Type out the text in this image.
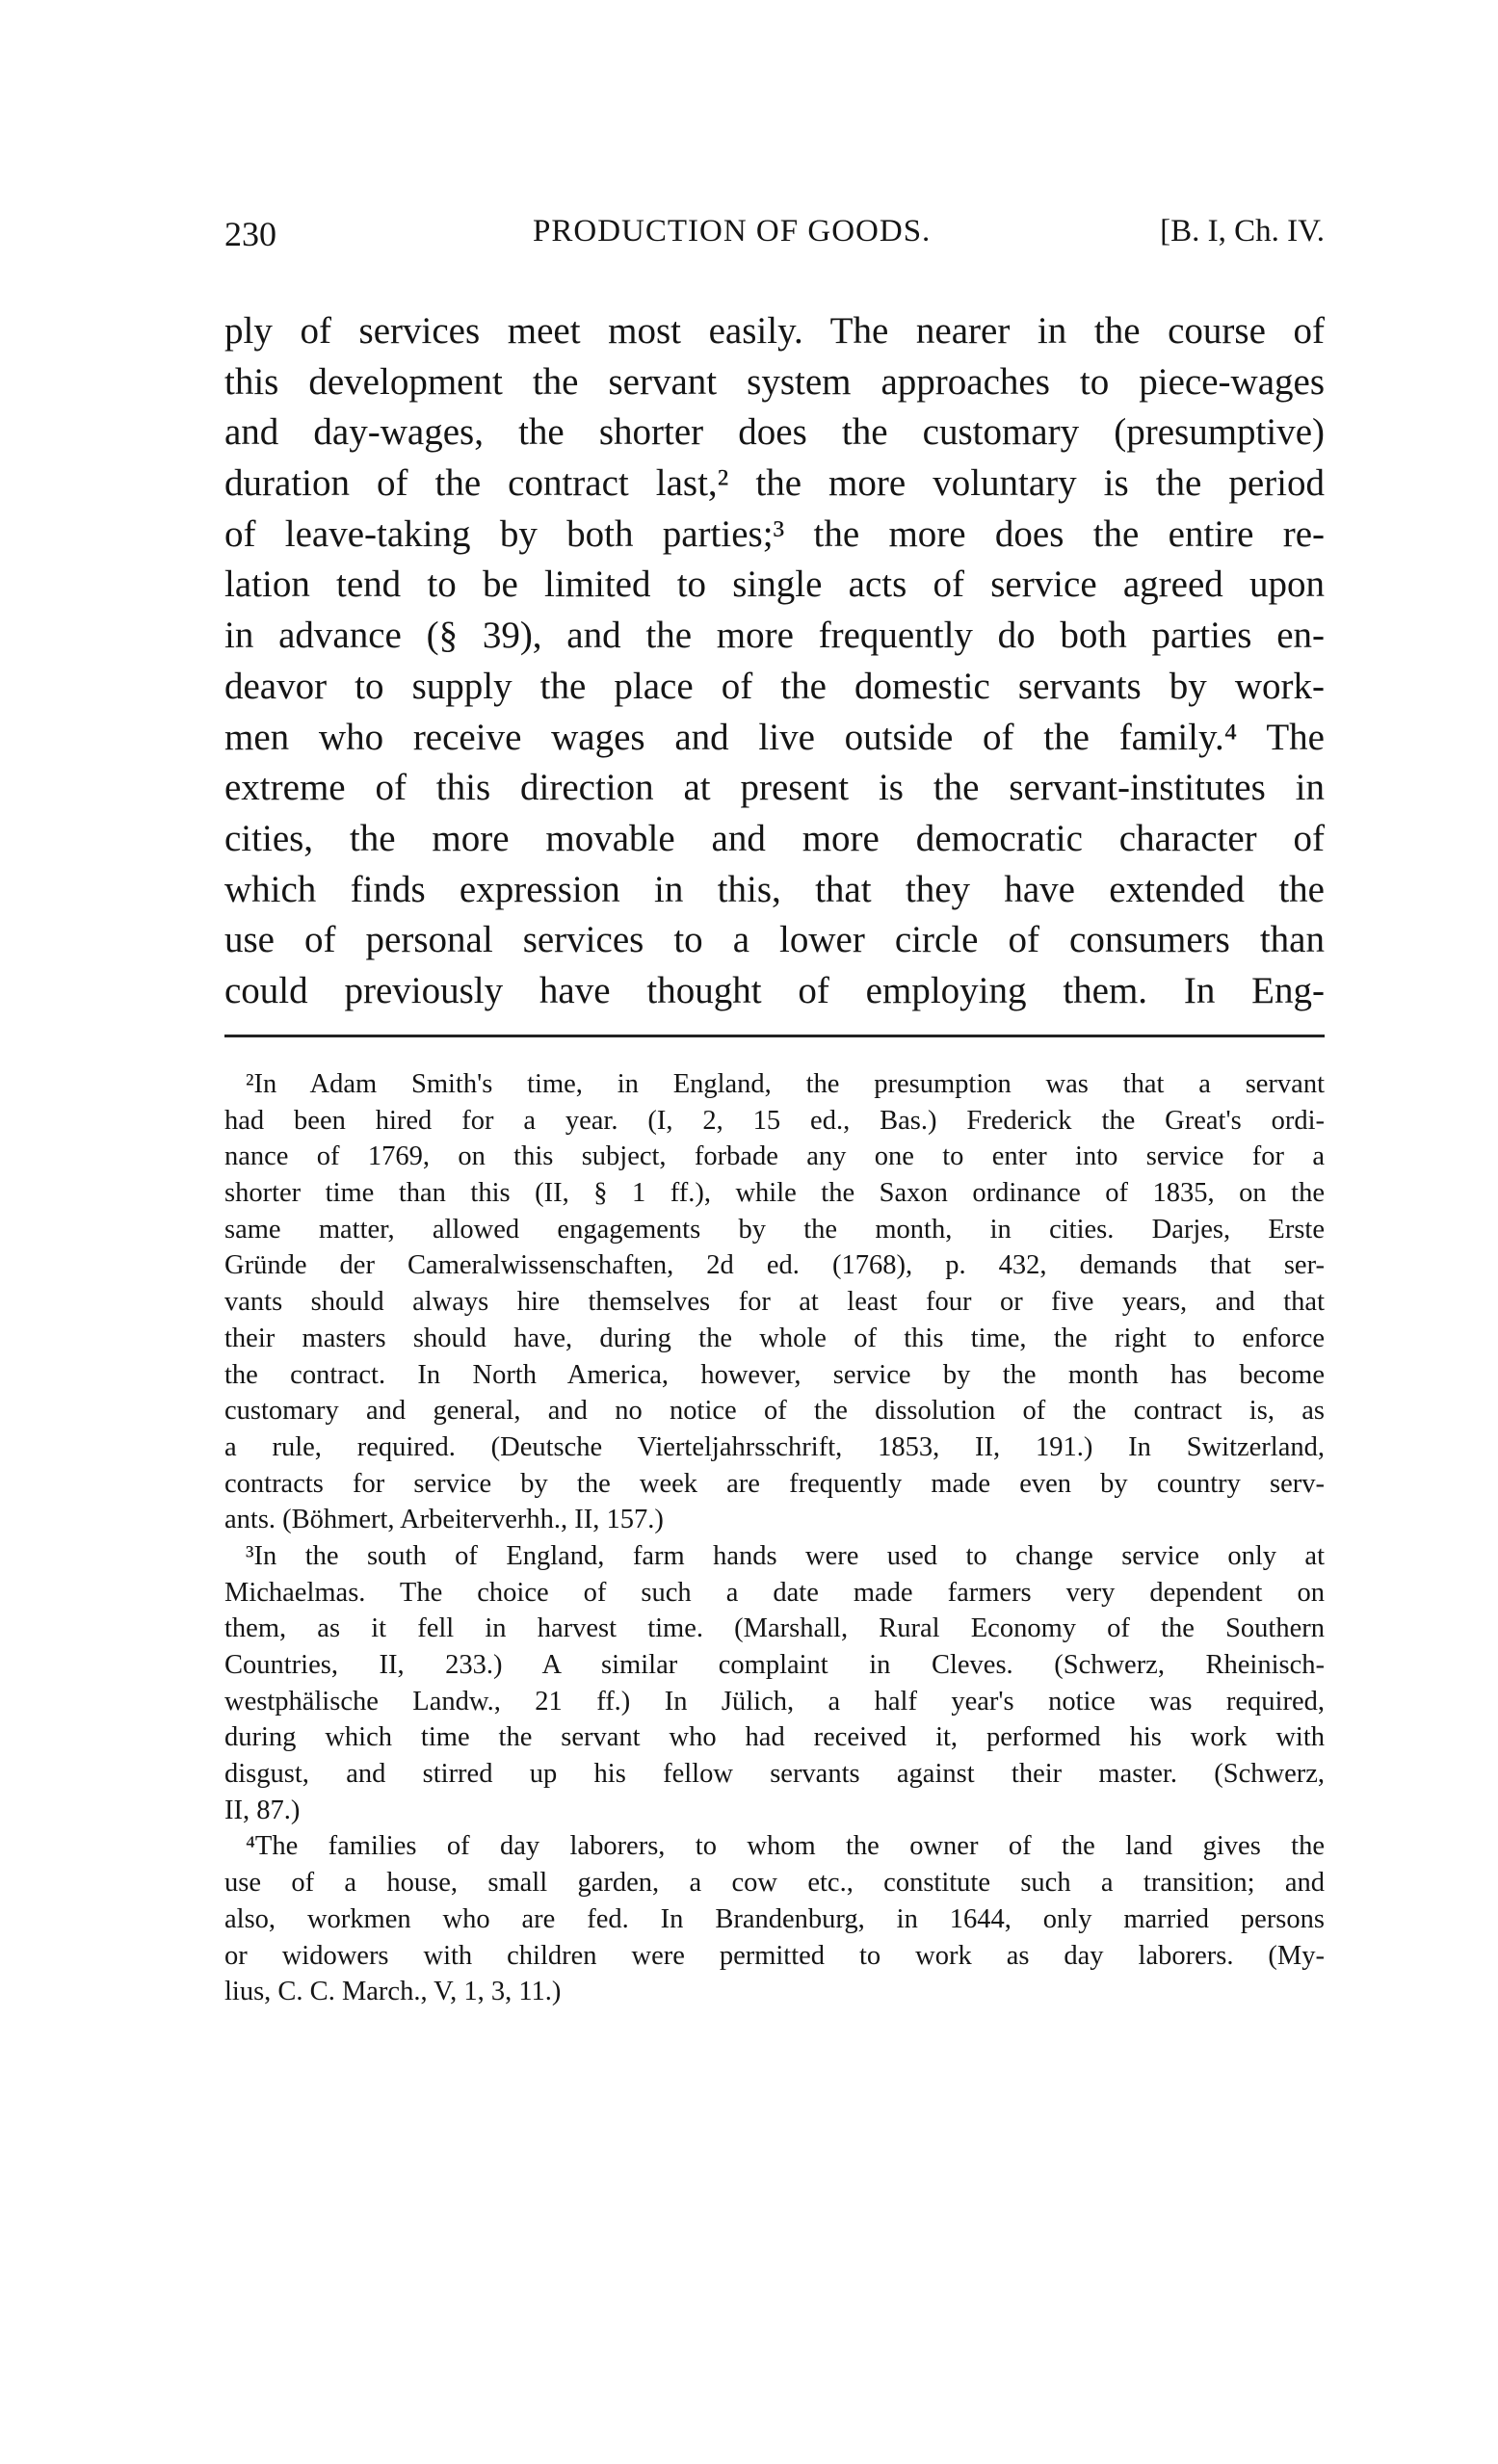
230	PRODUCTION OF GOODS.	[B. I, Ch. IV.
ply of services meet most easily. The nearer in the course of
this development the servant system approaches to piece-wages
and day-wages, the shorter does the customary (presumptive)
duration of the contract last,² the more voluntary is the period
of leave-taking by both parties;³ the more does the entire re-
lation tend to be limited to single acts of service agreed upon
in advance (§ 39), and the more frequently do both parties en-
deavor to supply the place of the domestic servants by work-
men who receive wages and live outside of the family.⁴ The
extreme of this direction at present is the servant-institutes in
cities, the more movable and more democratic character of
which finds expression in this, that they have extended the
use of personal services to a lower circle of consumers than
could previously have thought of employing them. In Eng-
²In Adam Smith's time, in England, the presumption was that a servant
had been hired for a year. (I, 2, 15 ed., Bas.) Frederick the Great's ordi-
nance of 1769, on this subject, forbade any one to enter into service for a
shorter time than this (II, § 1 ff.), while the Saxon ordinance of 1835, on the
same matter, allowed engagements by the month, in cities. Darjes, Erste
Gründe der Cameralwissenschaften, 2d ed. (1768), p. 432, demands that ser-
vants should always hire themselves for at least four or five years, and that
their masters should have, during the whole of this time, the right to enforce
the contract. In North America, however, service by the month has become
customary and general, and no notice of the dissolution of the contract is, as
a rule, required. (Deutsche Vierteljahrsschrift, 1853, II, 191.) In Switzerland,
contracts for service by the week are frequently made even by country serv-
ants. (Böhmert, Arbeiterverhh., II, 157.)
³In the south of England, farm hands were used to change service only at
Michaelmas. The choice of such a date made farmers very dependent on
them, as it fell in harvest time. (Marshall, Rural Economy of the Southern
Countries, II, 233.) A similar complaint in Cleves. (Schwerz, Rheinisch-
westphälische Landw., 21 ff.) In Jülich, a half year's notice was required,
during which time the servant who had received it, performed his work with
disgust, and stirred up his fellow servants against their master. (Schwerz,
II, 87.)
⁴The families of day laborers, to whom the owner of the land gives the
use of a house, small garden, a cow etc., constitute such a transition; and
also, workmen who are fed. In Brandenburg, in 1644, only married persons
or widowers with children were permitted to work as day laborers. (My-
lius, C. C. March., V, 1, 3, 11.)
